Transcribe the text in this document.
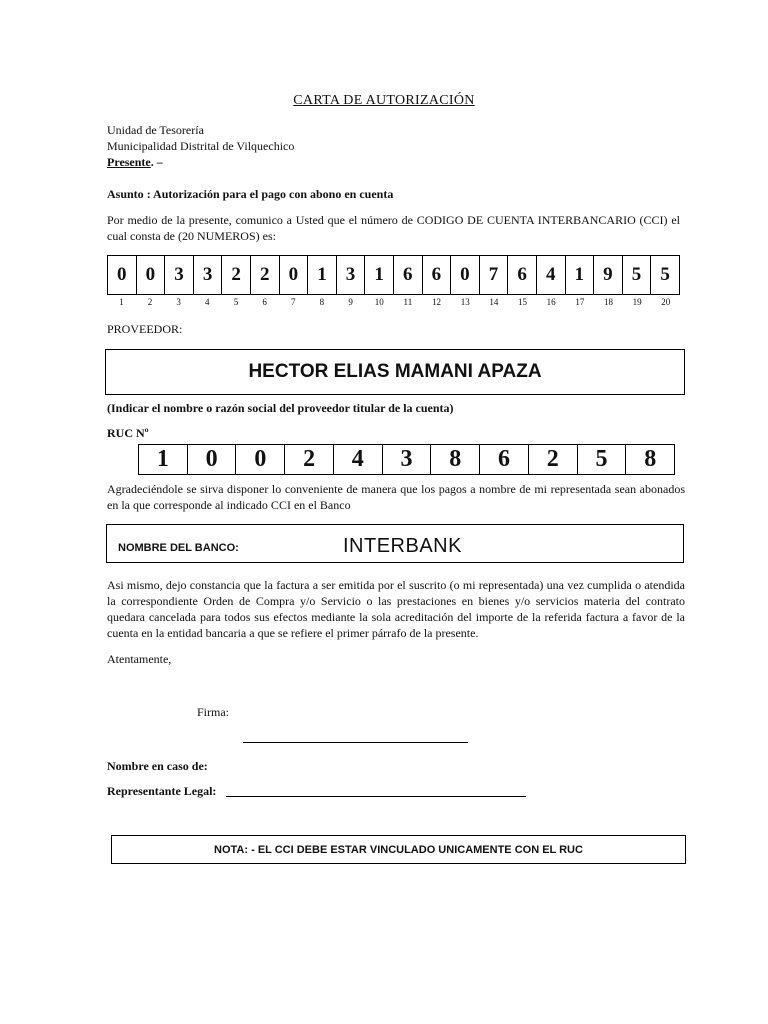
CARTA DE AUTORIZACIÓN
Unidad de Tesorería
Municipalidad Distrital de Vilquechico
Presente. –
Asunto : Autorización para el pago con abono en cuenta
Por medio de la presente, comunico a Usted que el número de CODIGO DE CUENTA INTERBANCARIO (CCI) el cual consta de (20 NUMEROS) es:
0	0	3	3	2	2	0	1	3	1	6	6	0	7	6	4	1	9	5	5
1	2	3	4	5	6	7	8	9	10	11	12	13	14	15	16	17	18	19	20
PROVEEDOR:
HECTOR ELIAS MAMANI APAZA
(Indicar el nombre o razón social del proveedor titular de la cuenta)
RUC Nº
1	0	0	2	4	3	8	6	2	5	8
Agradeciéndole se sirva disponer lo conveniente de manera que los pagos a nombre de mi representada sean abonados en la que corresponde al indicado CCI en el Banco
NOMBRE DEL BANCO:	INTERBANK
Asi mismo, dejo constancia que la factura a ser emitida por el suscrito (o mi representada) una vez cumplida o atendida la correspondiente Orden de Compra y/o Servicio o las prestaciones en bienes y/o servicios materia del contrato quedara cancelada para todos sus efectos mediante la sola acreditación del importe de la referida factura a favor de la cuenta en la entidad bancaria a que se refiere el primer párrafo de la presente.
Atentamente,
Firma:
Nombre en caso de:
Representante Legal:
NOTA: - EL CCI DEBE ESTAR VINCULADO UNICAMENTE CON EL RUC
